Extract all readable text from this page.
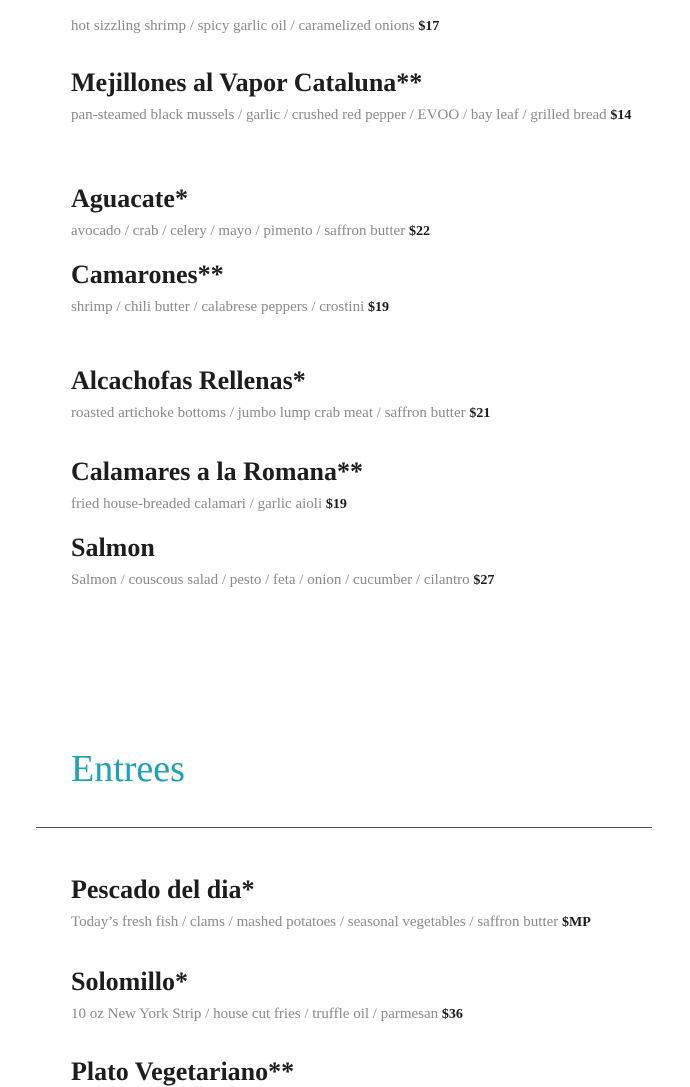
hot sizzling shrimp / spicy garlic oil / caramelized onions $17
Mejillones al Vapor Cataluna**
pan-steamed black mussels / garlic / crushed red pepper / EVOO / bay leaf / grilled bread $14
Aguacate*
avocado / crab / celery / mayo / pimento / saffron butter $22
Camarones**
shrimp / chili butter / calabrese peppers / crostini $19
Alcachofas Rellenas*
roasted artichoke bottoms / jumbo lump crab meat / saffron butter $21
Calamares a la Romana**
fried house-breaded calamari / garlic aioli $19
Salmon
Salmon / couscous salad / pesto / feta / onion / cucumber / cilantro $27
Entrees
Pescado del dia*
Today’s fresh fish / clams / mashed potatoes / seasonal vegetables / saffron butter $MP
Solomillo*
10 oz New York Strip / house cut fries / truffle oil / parmesan $36
Plato Vegetariano**
